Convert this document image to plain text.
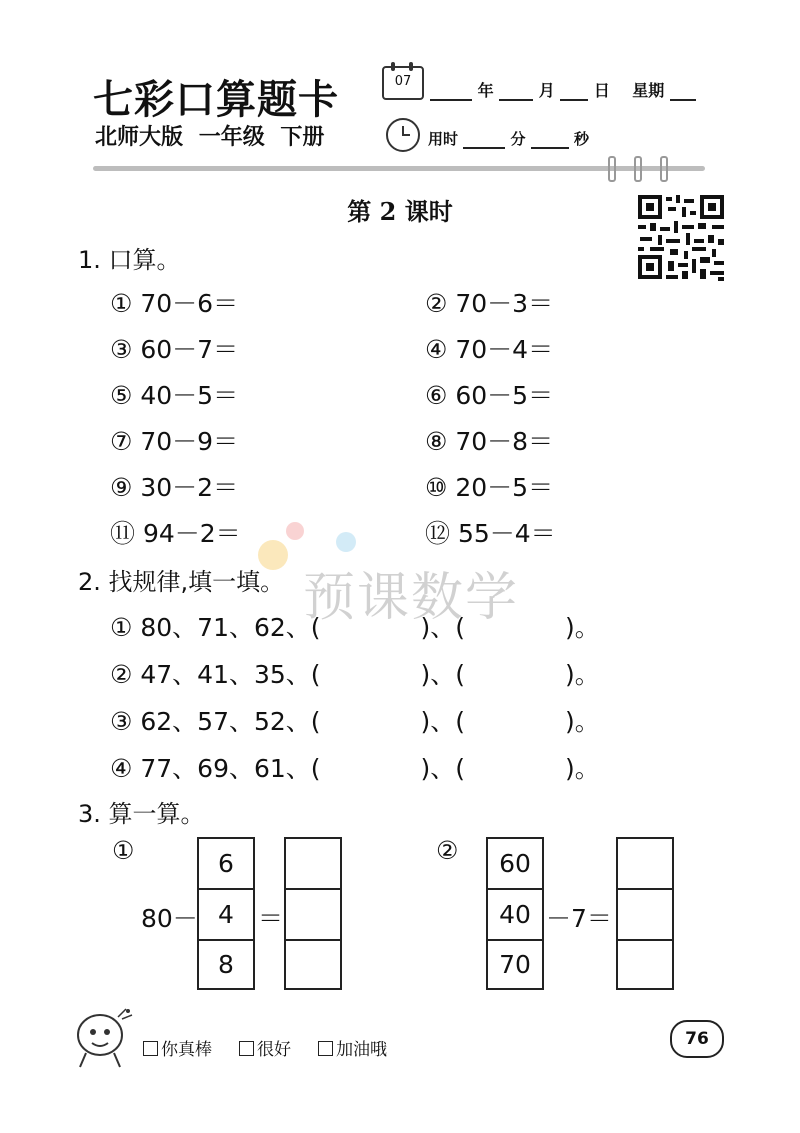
七彩口算题卡	07	年	月 日 星期
北师大版 一年级 下册	用时	分	秒
第 2 课时
1. 口算。
① 70－6＝	② 70－3＝
③ 60－7＝	④ 70－4＝
⑤ 40－5＝	⑥ 60－5＝
⑦ 70－9＝	⑧ 70－8＝
⑨ 30－2＝	⑩ 20－5＝
⑪ 94－2＝	⑫ 55－4＝
预课数学
2. 找规律,填一填。
① 80、71、62、(　　　　)、(　　　　)。
② 47、41、35、(　　　　)、(　　　　)。
③ 62、57、52、(　　　　)、(　　　　)。
④ 77、69、61、(　　　　)、(　　　　)。
3. 算一算。
①
80－
6
4
8
＝
②	60
40
70
－7＝
你真棒	很好	加油哦
76
